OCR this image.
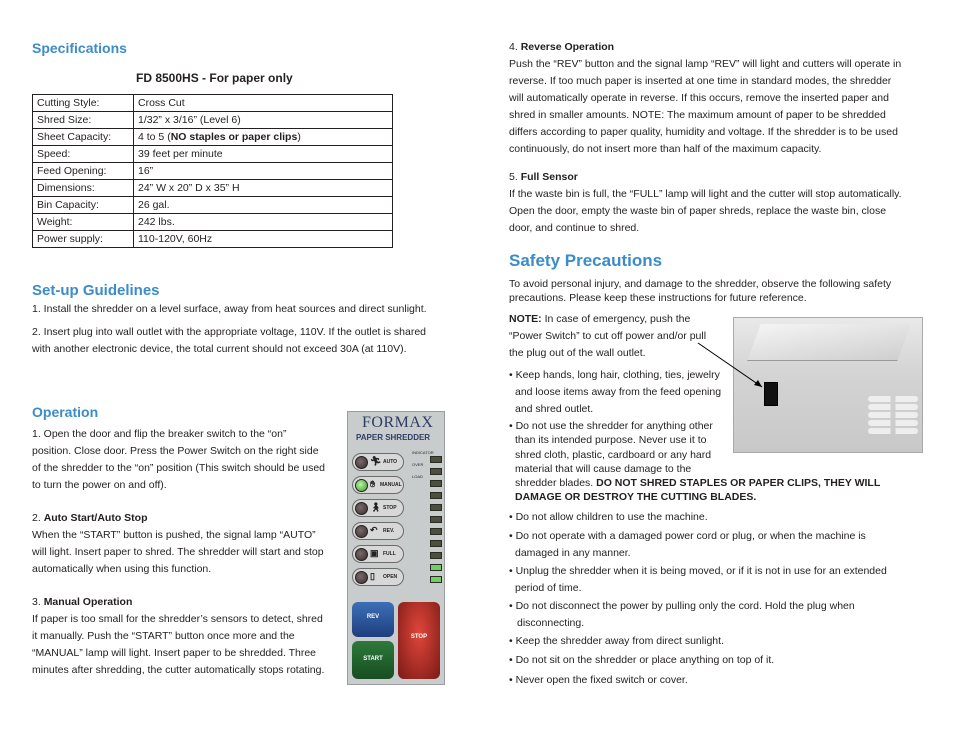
Specifications
FD 8500HS - For paper only
Cutting Style:	Cross Cut
Shred Size:	1/32” x 3/16” (Level 6)
Sheet Capacity:	4 to 5 (NO staples or paper clips)
Speed:	39 feet per minute
Feed Opening:	16”
Dimensions:	24” W x 20” D x 35” H
Bin Capacity:	26 gal.
Weight:	242 lbs.
Power supply:	110-120V, 60Hz
Set-up Guidelines
1. Install the shredder on a level surface, away from heat sources and direct sunlight.
2. Insert plug into wall outlet with the appropriate voltage, 110V. If the outlet is shared
with another electronic device, the total current should not exceed 30A (at 110V).
Operation
1. Open the door and flip the breaker switch to the “on”
position. Close door. Press the Power Switch on the right side
of the shredder to the “on” position (This switch should be used
to turn the power on and off).
2. Auto Start/Auto Stop
When the “START” button is pushed, the signal lamp “AUTO”
will light. Insert paper to shred. The shredder will start and stop
automatically when using this function.
3. Manual Operation
If paper is too small for the shredder’s sensors to detect, shred
it manually. Push the “START” button once more and the
“MANUAL” lamp will light. Insert paper to be shredded. Three
minutes after shredding, the cutter automatically stops rotating.
FORMAX
PAPER SHREDDER
INDICATOR
OVER
LOAD
🏃︎ AUTO
✋︎ MANUAL
🚶︎ STOP
↶ REV.
▣ FULL
▯ OPEN
REV
START
STOP
4. Reverse Operation
Push the “REV” button and the signal lamp “REV” will light and cutters will operate in
reverse. If too much paper is inserted at one time in standard modes, the shredder
will automatically operate in reverse. If this occurs, remove the inserted paper and
shred in smaller amounts. NOTE: The maximum amount of paper to be shredded
differs according to paper quality, humidity and voltage. If the shredder is to be used
continuously, do not insert more than half of the maximum capacity.
5. Full Sensor
If the waste bin is full, the “FULL” lamp will light and the cutter will stop automatically.
Open the door, empty the waste bin of paper shreds, replace the waste bin, close
door, and continue to shred.
Safety Precautions
To avoid personal injury, and damage to the shredder, observe the following safety
precautions. Please keep these instructions for future reference.
NOTE: In case of emergency, push the
“Power Switch” to cut off power and/or pull
the plug out of the wall outlet.
• Keep hands, long hair, clothing, ties, jewelry
and loose items away from the feed opening
and shred outlet.
• Do not use the shredder for anything other
than its intended purpose. Never use it to
shred cloth, plastic, cardboard or any hard
material that will cause damage to the
shredder blades. DO NOT SHRED STAPLES OR PAPER CLIPS, THEY WILL
DAMAGE OR DESTROY THE CUTTING BLADES.
• Do not allow children to use the machine.
• Do not operate with a damaged power cord or plug, or when the machine is
damaged in any manner.
• Unplug the shredder when it is being moved, or if it is not in use for an extended
period of time.
• Do not disconnect the power by pulling only the cord. Hold the plug when
disconnecting.
• Keep the shredder away from direct sunlight.
• Do not sit on the shredder or place anything on top of it.
• Never open the fixed switch or cover.
